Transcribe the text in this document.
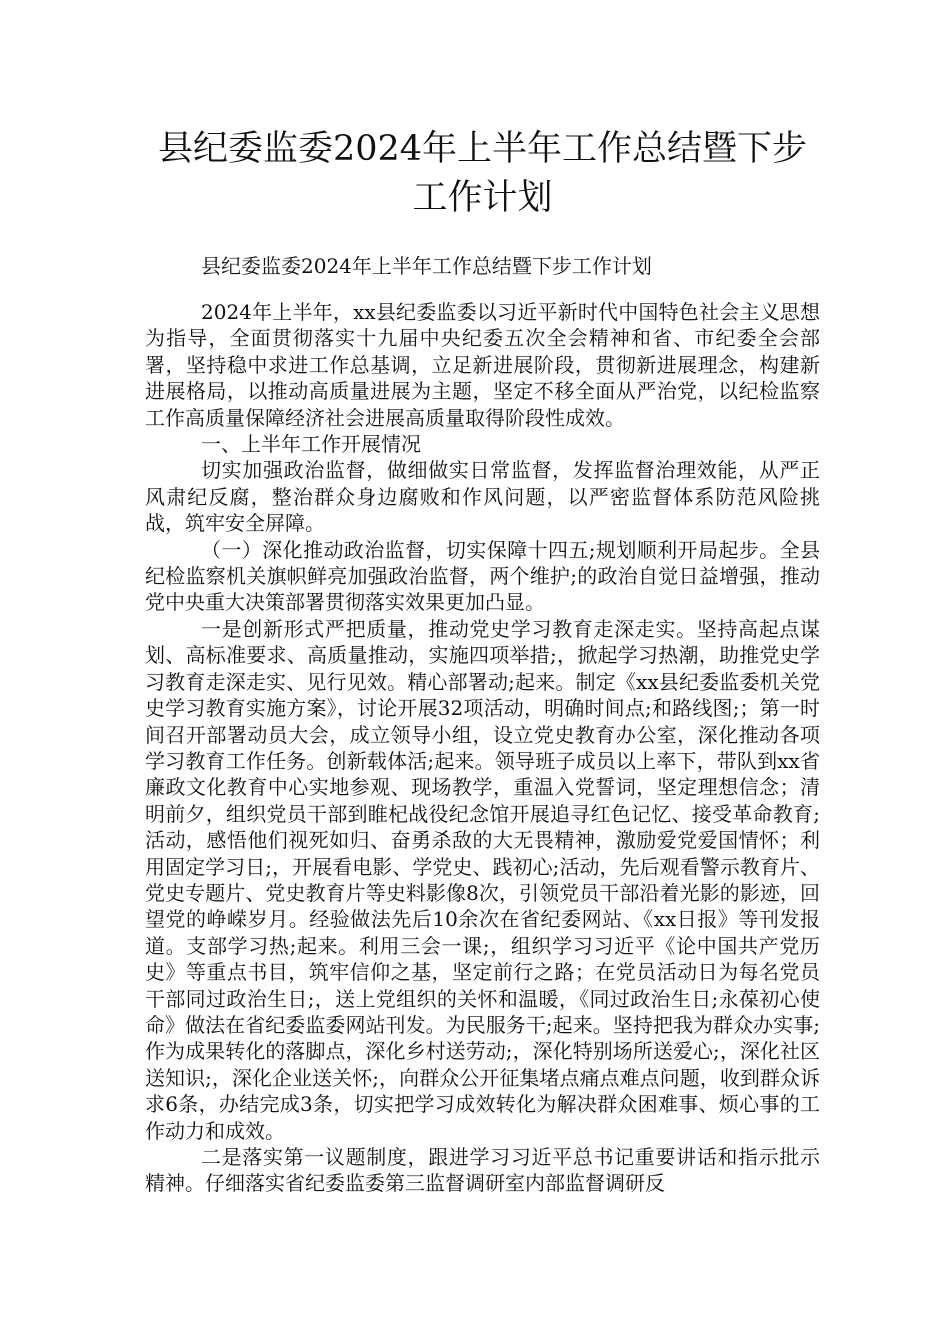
县纪委监委2024年上半年工作总结暨下步工作计划

县纪委监委2024年上半年工作总结暨下步工作计划

2024年上半年，xx县纪委监委以习近平新时代中国特色社会主义思想为指导，全面贯彻落实十九届中央纪委五次全会精神和省、市纪委全会部署，坚持稳中求进工作总基调，立足新进展阶段，贯彻新进展理念，构建新进展格局，以推动高质量进展为主题，坚定不移全面从严治党，以纪检监察工作高质量保障经济社会进展高质量取得阶段性成效。

一、上半年工作开展情况

切实加强政治监督，做细做实日常监督，发挥监督治理效能，从严正风肃纪反腐，整治群众身边腐败和作风问题，以严密监督体系防范风险挑战，筑牢安全屏障。

（一）深化推动政治监督，切实保障十四五;规划顺利开局起步。全县纪检监察机关旗帜鲜亮加强政治监督，两个维护;的政治自觉日益增强，推动党中央重大决策部署贯彻落实效果更加凸显。

一是创新形式严把质量，推动党史学习教育走深走实。坚持高起点谋划、高标准要求、高质量推动，实施四项举措;，掀起学习热潮，助推党史学习教育走深走实、见行见效。精心部署动;起来。制定《xx县纪委监委机关党史学习教育实施方案》，讨论开展32项活动，明确时间点;和路线图;；第一时间召开部署动员大会，成立领导小组，设立党史教育办公室，深化推动各项学习教育工作任务。创新载体活;起来。领导班子成员以上率下，带队到xx省廉政文化教育中心实地参观、现场教学，重温入党誓词，坚定理想信念；清明前夕，组织党员干部到睢杞战役纪念馆开展追寻红色记忆、接受革命教育;活动，感悟他们视死如归、奋勇杀敌的大无畏精神，激励爱党爱国情怀；利用固定学习日;，开展看电影、学党史、践初心;活动，先后观看警示教育片、党史专题片、党史教育片等史料影像8次，引领党员干部沿着光影的影迹，回望党的峥嵘岁月。经验做法先后10余次在省纪委网站、《xx日报》等刊发报道。支部学习热;起来。利用三会一课;，组织学习习近平《论中国共产党历史》等重点书目，筑牢信仰之基，坚定前行之路；在党员活动日为每名党员干部同过政治生日;，送上党组织的关怀和温暖，《同过政治生日;永葆初心使命》做法在省纪委监委网站刊发。为民服务干;起来。坚持把我为群众办实事;作为成果转化的落脚点，深化乡村送劳动;，深化特别场所送爱心;，深化社区送知识;，深化企业送关怀;，向群众公开征集堵点痛点难点问题，收到群众诉求6条，办结完成3条，切实把学习成效转化为解决群众困难事、烦心事的工作动力和成效。

二是落实第一议题制度，跟进学习习近平总书记重要讲话和指示批示精神。仔细落实省纪委监委第三监督调研室内部监督调研反
